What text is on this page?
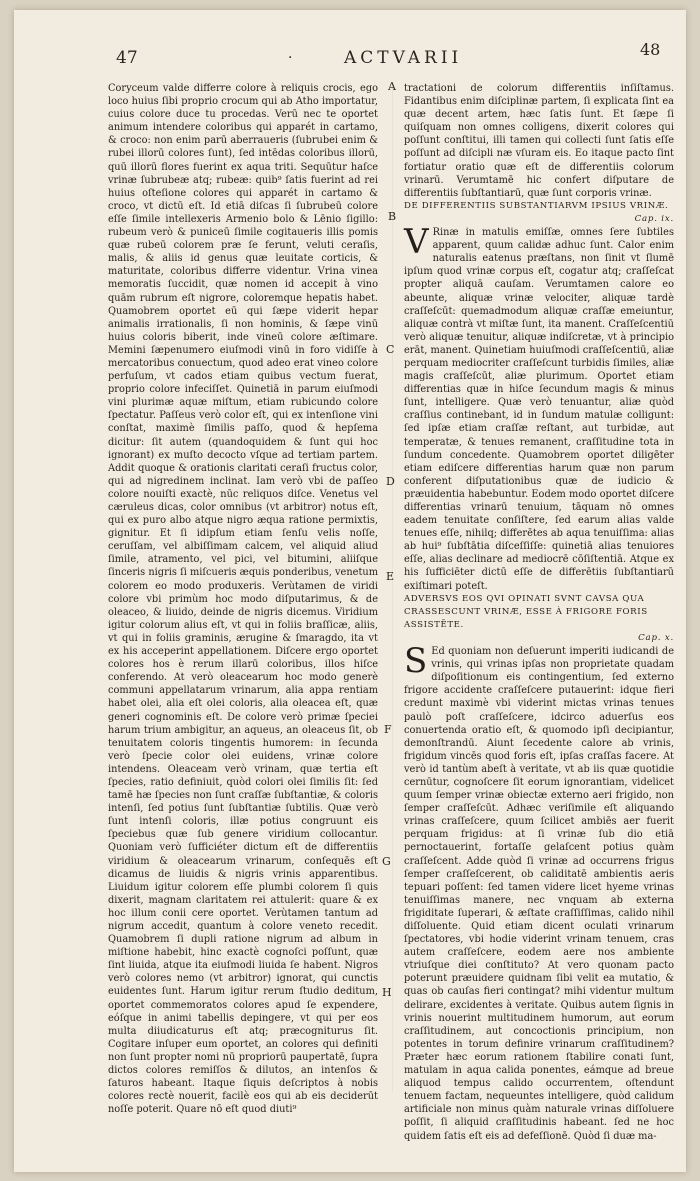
47	·	ACTVARII	48
A
B
C
D
E
F
G
H

Coryceum valde differre colore à reliquis crocis, ego loco huius ſibi proprio crocum qui ab Atho importatur, cuius colore duce tu procedas. Verū nec te oportet animum intendere coloribus qui apparét in cartamo, & croco: non enim parū aberraueris (ſubrubei enim & rubei illorū colores ſunt), ſed intēdas coloribus illorū, quū illorū flores fuerint ex aqua triti. Sequūtur haſce vrinæ ſubrubeæ atq; rubeæ: quib⁹ ſatis fuerint ad rei huius oſteſione colores qui apparét in cartamo & croco, vt dictū eſt. Id etiā diſcas ſi ſubrubeū colore eſſe ſimile intellexeris Armenio bolo & Lēnio ſigillo: rubeum verò & puniceū ſimile cogitaueris illis pomis quæ rubeū colorem præ ſe ferunt, veluti ceraſis, malis, & aliis id genus quæ leuitate corticis, & maturitate, coloribus differre videntur. Vrina vinea memoratis ſuccidit, quæ nomen id accepit à vino quām rubrum eſt nigrore, coloremque hepatis habet. Quamobrem oportet eū qui ſæpe viderit hepar animalis irrationalis, ſi non hominis, & ſæpe vinū huius coloris biberit, inde vineū colore æſtimare. Memini ſæpenumero eiuſmodi vinū in foro vidiſſe à mercatoribus conuectum, quod adeo erat vineo colore perfuſum, vt cados etiam quibus vectum fuerat, proprio colore infeciſſet. Quinetiā in parum eiuſmodi vini plurimæ aquæ miſtum, etiam rubicundo colore ſpectatur. Paſſeus verò color eſt, qui ex intenſione vini conſtat, maximè ſimilis paſſo, quod & hepſema dicitur: ſit autem (quandoquidem & ſunt qui hoc ignorant) ex muſto decocto vſque ad tertiam partem. Addit quoque & orationis claritati ceraſi fructus color, qui ad nigredinem inclinat. Iam verò vbi de paſſeo colore nouiſti exactè, nūc reliquos diſce. Venetus vel cæruleus dicas, color omnibus (vt arbitror) notus eſt, qui ex puro albo atque nigro æqua ratione permixtis, gignitur. Et ſi idipſum etiam ſenſu velis noſſe, ceruſſam, vel albiſſimam calcem, vel aliquid aliud ſimile, atramento, vel pici, vel bitumini, aliiſque ſinceris nigris ſi miſcueris æquis ponderibus, venetum colorem eo modo produxeris. Verùtamen de viridi colore vbi primùm hoc modo diſputarimus, & de oleaceo, & liuido, deinde de nigris dicemus. Viridium igitur colorum alius eſt, vt qui in foliis braſſicæ, aliis, vt qui in foliis graminis, ærugine & ſmaragdo, ita vt ex his acceperint appellationem. Diſcere ergo oportet colores hos è rerum illarū coloribus, illos hiſce conferendo. At verò oleacearum hoc modo generè communi appellatarum vrinarum, alia appa rentiam habet olei, alia eſt olei coloris, alia oleacea eſt, quæ generi cognominis eſt. De colore verò primæ ſpeciei harum trium ambigitur, an aqueus, an oleaceus ſit, ob tenuitatem coloris tingentis humorem: in ſecunda verò ſpecie color olei euidens, vrinæ colore intendens. Oleaceam verò vrinam, quæ tertia eſt ſpecies, ratio definiuit, quòd colori olei ſimilis ſit: ſed tamē hæ ſpecies non ſunt craſſæ ſubſtantiæ, & coloris intenſi, ſed potius ſunt ſubſtantiæ ſubtilis. Quæ verò ſunt intenſi coloris, illæ potius congruunt eis ſpeciebus quæ ſub genere viridium collocantur. Quoniam verò ſufficiéter dictum eſt de differentiis viridium & oleacearum vrinarum, conſequēs eſt dicamus de liuidis & nigris vrinis apparentibus. Liuidum igitur colorem eſſe plumbi colorem ſi quis dixerit, magnam claritatem rei attulerit: quare & ex hoc illum conii cere oportet. Verùtamen tantum ad nigrum accedit, quantum à colore veneto recedit. Quamobrem ſi dupli ratione nigrum ad album in miſtione habebit, hinc exactè cognoſci poſſunt, quæ ſint liuida, atque ita eiuſmodi liuida ſe habent. Nigros verò colores nemo (vt arbitror) ignorat, qui cunctis euidentes ſunt. Harum igitur rerum ſtudio deditum, oportet commemoratos colores apud ſe expendere, eóſque in animi tabellis depingere, vt qui per eos multa diiudicaturus eſt atq; præcogniturus ſit. Cogitare inſuper eum oportet, an colores qui definiti non ſunt propter nomi nū propriorū paupertatē, ſupra dictos colores remiſſos & dilutos, an intenſos & ſaturos habeant. Itaque ſiquis deſcriptos à nobis colores rectè nouerit, facilè eos qui ab eis deciderūt noſſe poterit. Quare nō eſt quod diuti⁹

tractationi de colorum differentiis inſiſtamus. Fidantibus enim diſciplinæ partem, ſi explicata ſint ea quæ decent artem, hæc ſatis ſunt. Et ſæpe ſi quiſquam non omnes colligens, dixerit colores qui poſſunt conſtitui, illi tamen qui collecti ſunt ſatis eſſe poſſunt ad diſcipli næ vſuram eis. Eo itaque pacto ſint fortiatur oratio quæ eſt de differentiis colorum vrinarū. Verumtamē hic confert diſputare de differentiis ſubſtantiarū, quæ ſunt corporis vrinæ.

DE DIFFERENTIIS SUBSTANTIARVM IPSIUS VRINÆ.

Cap. ix.

V Rinæ in matulis emiſſæ, omnes ſere ſubtiles apparent, quum calidæ adhuc ſunt. Calor enim naturalis eatenus præſtans, non ſinit vt ſlumē ipſum quod vrinæ corpus eſt, cogatur atq; craſſeſcat propter aliquā cauſam. Verumtamen calore eo abeunte, aliquæ vrinæ velociter, aliquæ tardè craſſeſcūt: quemadmodum aliquæ craſſæ emeiuntur, aliquæ contrà vt miſtæ ſunt, ita manent. Craſſeſcentiū verò aliquæ tenuitur, aliquæ indiſcretæ, vt à principio erāt, manent. Quinetiam huiuſmodi craſſeſcentiū, aliæ perquam mediocriter craſſeſcunt turbidis ſimiles, aliæ magis craſſeſcūt, aliæ plurimum. Oportet etiam differentias quæ in hiſce ſecundum magis & minus ſunt, intelligere. Quæ verò tenuantur, aliæ quòd craſſius continebant, id in ſundum matulæ colligunt: ſed ipſæ etiam craſſæ reſtant, aut turbidæ, aut temperatæ, & tenues remanent, craſſitudine tota in ſundum concedente. Quamobrem oportet diligēter etiam ediſcere differentias harum quæ non parum conferent diſputationibus quæ de iudicio & præuidentia habebuntur. Eodem modo oportet diſcere differentias vrinarū tenuium, tāquam nō omnes eadem tenuitate conſiſtere, ſed earum alias valde tenues eſſe, nihilq; differētes ab aqua tenuiſſima: alias ab hui⁹ ſubſtātia diſceſſiſſe: quinetiā alias tenuiores eſſe, alias declinare ad mediocrē cōſiſtentiā. Atque ex his ſufficiēter dictū eſſe de differētiis ſubſtantiarū exiſtimari poteſt.

ADVERSVS EOS QVI OPINATI SVNT CAVSA QUA CRASSESCUNT VRINÆ, ESSE À FRIGORE FORIS ASSISTĒTE.

Cap. x.

S Ed quoniam non deſuerunt imperiti iudicandi de vrinis, qui vrinas ipſas non proprietate quadam diſpoſitionum eis contingentium, ſed externo frigore accidente craſſeſcere putauerint: idque fieri credunt maximè vbi viderint mictas vrinas tenues paulò poſt craſſeſcere, idcirco aduerſus eos conuertenda oratio eſt, & quomodo ipſi decipiantur, demonſtrandū. Aiunt ſecedente calore ab vrinis, frigidum vincēs quod foris eſt, ipſas craſſas facere. At verò id tantùm abeſt à veritate, vt ab iis quæ quotidie cernūtur, cognoſcere ſit eorum ignorantiam, videlicet quum ſemper vrinæ obiectæ externo aeri frigido, non ſemper craſſeſcūt. Adhæc veriſimile eſt aliquando vrinas craſſeſcere, quum ſcilicet ambiēs aer fuerit perquam frigidus: at ſi vrinæ ſub dio etiā pernoctauerint, fortaſſe gelaſcent potius quàm craſſeſcent. Adde quòd ſi vrinæ ad occurrens frigus ſemper craſſeſcerent, ob caliditatē ambientis aeris tepuari poſſent: ſed tamen videre licet hyeme vrinas tenuiſſimas manere, nec vnquam ab externa frigiditate ſuperari, & æſtate craſſiſſimas, calido nihil diſſoluente. Quid etiam dicent oculati vrinarum ſpectatores, vbi hodie viderint vrinam tenuem, cras autem craſſeſcere, eodem aere nos ambiente vtriuſque diei conſtituto? At vero quonam pacto poterunt præuidere quidnam ſibi velit ea mutatio, & quas ob cauſas fieri contingat? mihi videntur multum delirare, excidentes à veritate. Quibus autem ſignis in vrinis nouerint multitudinem humorum, aut eorum craſſitudinem, aut concoctionis principium, non potentes in torum definire vrinarum craſſitudinem? Præter hæc eorum rationem ſtabilire conati ſunt, matulam in aqua calida ponentes, eámque ad breue aliquod tempus calido occurrentem, oſtendunt tenuem factam, nequeuntes intelligere, quòd calidum artificiale non minus quàm naturale vrinas diſſoluere poſſit, ſi aliquid craſſitudinis habeant. ſed ne hoc quidem ſatis eſt eis ad defeſſionē. Quòd ſi duæ ma-
